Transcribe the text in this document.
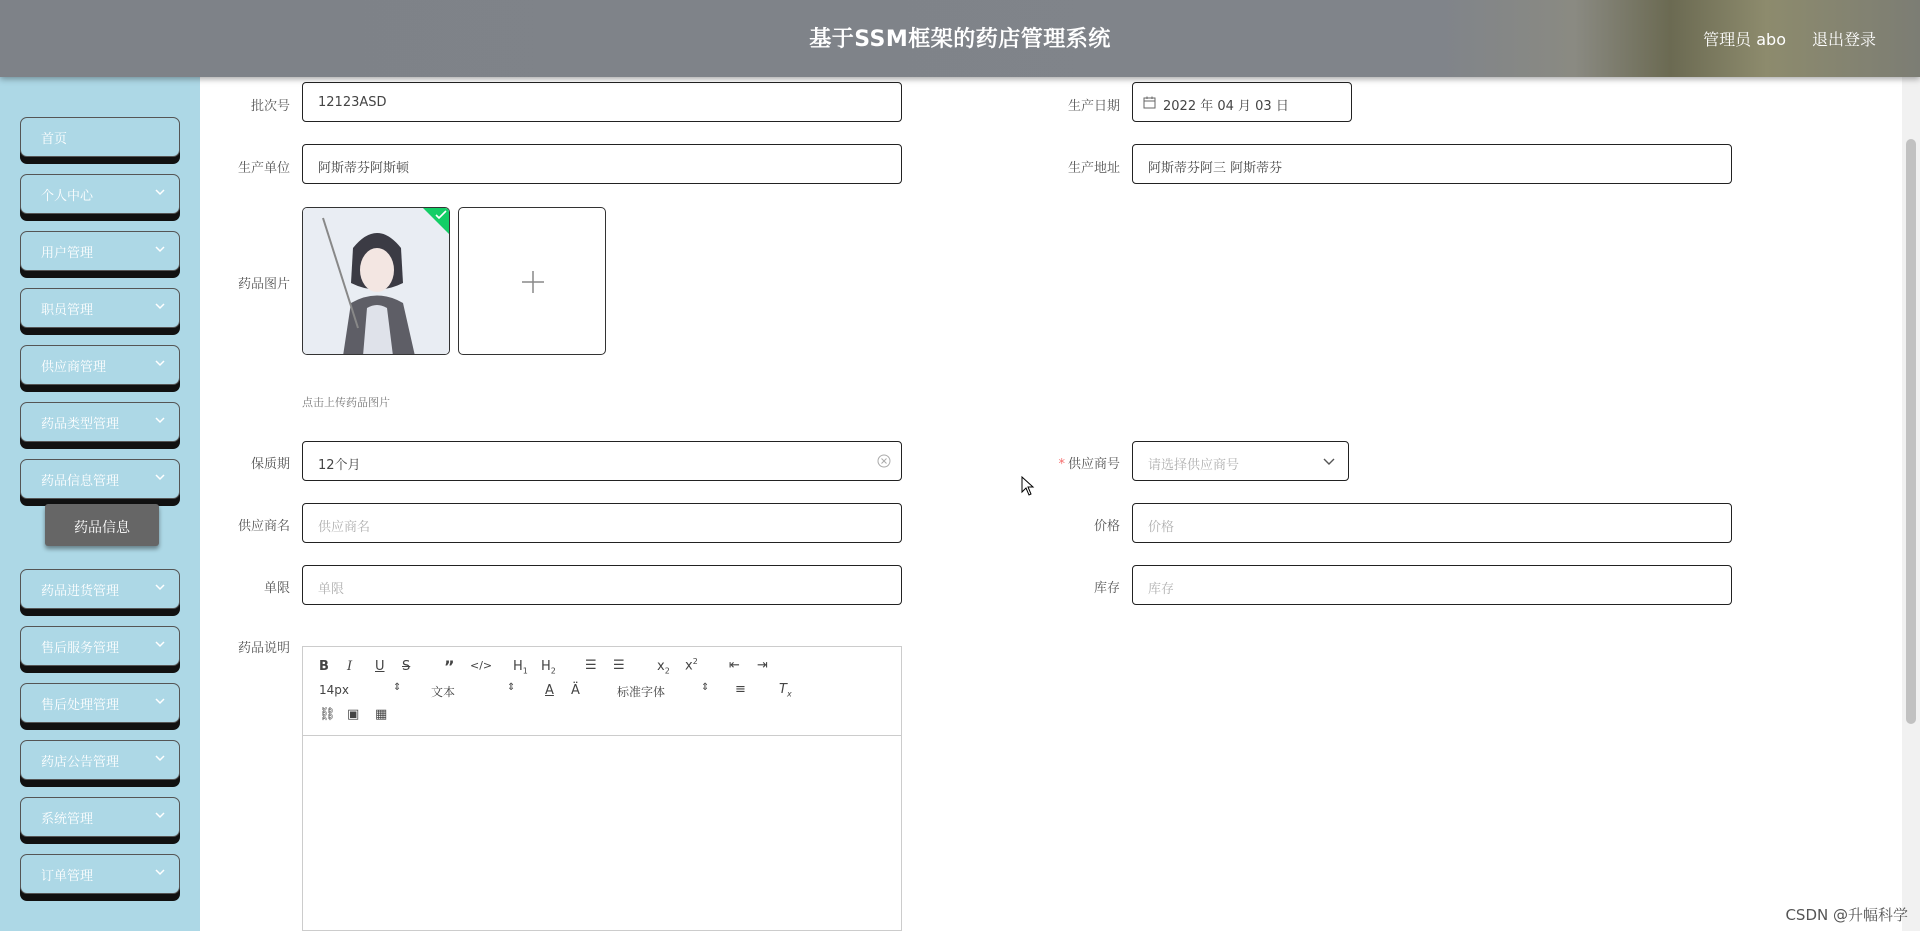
基于SSM框架的药店管理系统	管理员 abo 退出登录
首页
个人中心
用户管理
职员管理
供应商管理
药品类型管理
药品信息管理
药品信息
药品进货管理
售后服务管理
售后处理管理
药店公告管理
系统管理
订单管理
批次号 12123ASD	生产日期	2022 年 04 月 03 日
生产单位 阿斯蒂芬阿斯顿	生产地址 阿斯蒂芬阿三 阿斯蒂芬
药品图片
点击上传药品图片
保质期 12个月	* 供应商号 请选择供应商号
供应商名 供应商名	价格 价格
单限 单限	库存 库存
药品说明
B I U S ” </> $H_1$ $H_2$ ☰ ☰ $x_2$ $x^2$ ⇤ ⇥
14px	⇕ 文本	⇕ A Ä	标准字体	⇕ ≡	$T_x$
⛓ ▣ ▦
CSDN @升幅科学
